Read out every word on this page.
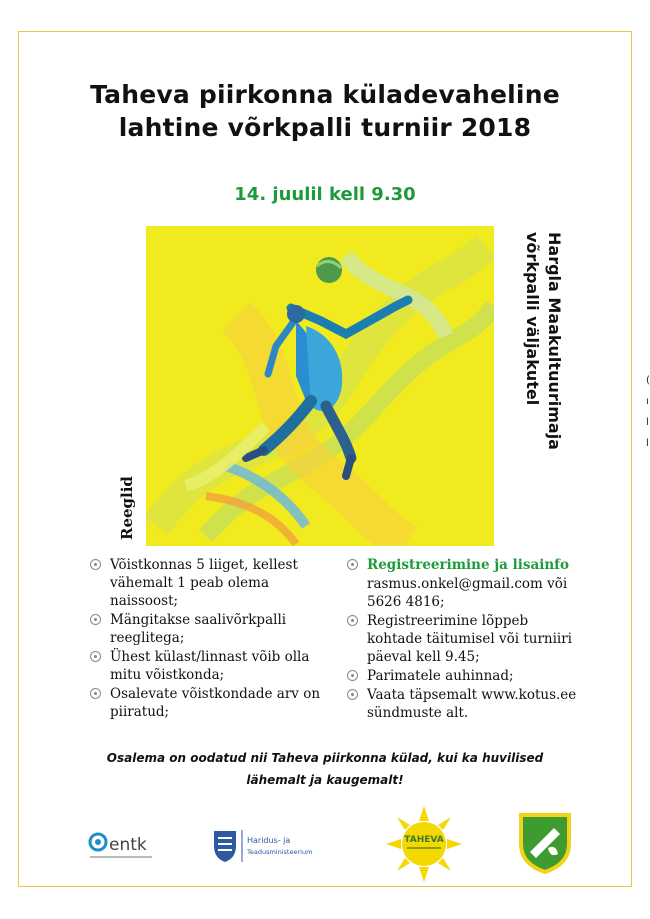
Taheva piirkonna küladevaheline
lahtine võrkpalli turniir 2018
14. juulil kell 9.30
Hargla Maakultuurimaja
võrkpalli väljakutel
Reeglid
Võistkonnas 5 liiget, kellest vähemalt 1 peab olema naissoost;
Mängitakse saalivõrkpalli reeglitega;
Ühest külast/linnast võib olla mitu võistkonda;
Osalevate võistkondade arv on piiratud;
Registreerimine ja lisainfo
rasmus.onkel@gmail.com või 5626 4816;
Registreerimine lõppeb kohtade täitumisel või turniiri päeval kell 9.45;
Parimatele auhinnad;
Vaata täpsemalt www.kotus.ee sündmuste alt.
Osalema on oodatud nii Taheva piirkonna külad, kui ka huvilised
lähemalt ja kaugemalt!
entk	Haridus- ja
Teadusministeerium
TAHEVA
(
ı
l
l
